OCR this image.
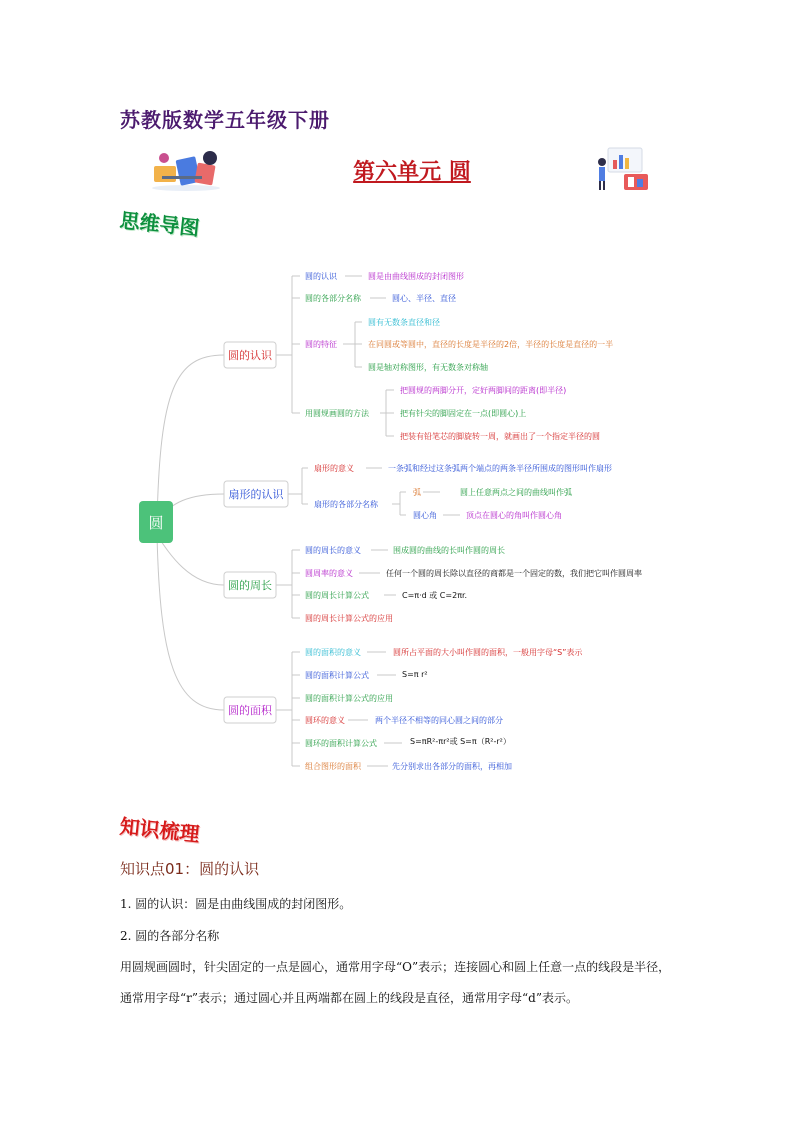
苏教版数学五年级下册
第六单元 圆
思维导图
圆
圆的认识
扇形的认识
圆的周长
圆的面积
圆的认识	圆是由曲线围成的封闭图形
圆的各部分名称	圆心、半径、直径
圆的特征
圆有无数条直径和径
在同圆或等圆中，直径的长度是半径的2倍，半径的长度是直径的一半
圆是轴对称图形，有无数条对称轴
用圆规画圆的方法
把圆规的两脚分开，定好两脚间的距离(即半径)
把有针尖的脚固定在一点(即圆心)上
把装有铅笔芯的脚旋转一周，就画出了一个指定半径的圆
扇形的意义	一条弧和经过这条弧两个端点的两条半径所围成的图形叫作扇形
扇形的各部分名称
弧	圆上任意两点之间的曲线叫作弧
圆心角	顶点在圆心的角叫作圆心角
圆的周长的意义	围成圆的曲线的长叫作圆的周长
圆周率的意义	任何一个圆的周长除以直径的商都是一个固定的数，我们把它叫作圆周率
圆的周长计算公式	C=π·d 或 C=2πr.
圆的周长计算公式的应用
圆的面积的意义	圆所占平面的大小叫作圆的面积，一般用字母“S”表示
圆的面积计算公式	S=π r²
圆的面积计算公式的应用
圆环的意义	两个半径不相等的同心圆之间的部分
圆环的面积计算公式	S=πR²-πr²或 S=π（R²-r²）
组合图形的面积	先分别求出各部分的面积，再相加
知识梳理
知识点01：圆的认识
1. 圆的认识：圆是由曲线围成的封闭图形。
2. 圆的各部分名称
用圆规画圆时，针尖固定的一点是圆心，通常用字母“O”表示；连接圆心和圆上任意一点的线段是半径，
通常用字母“r”表示；通过圆心并且两端都在圆上的线段是直径，通常用字母“d”表示。
